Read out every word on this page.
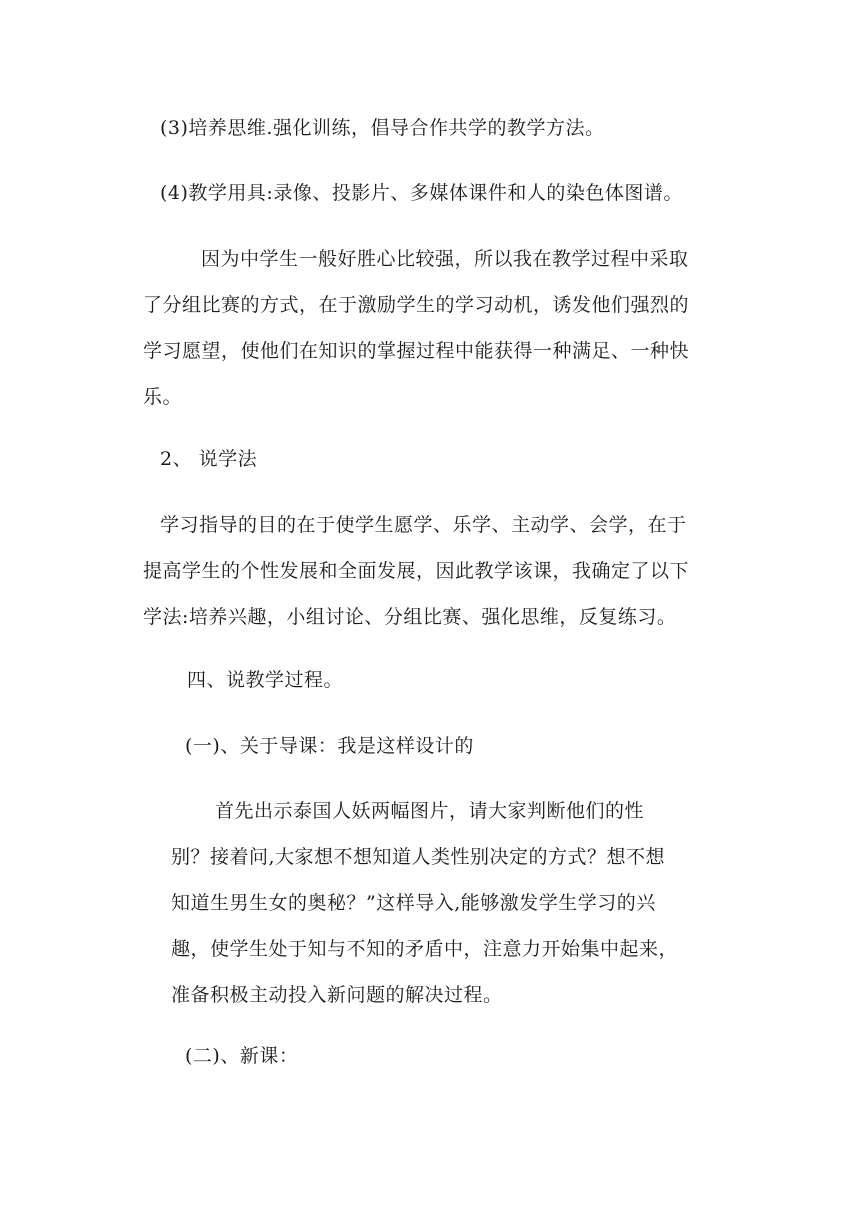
(3)培养思维.强化训练，倡导合作共学的教学方法。
(4)教学用具:录像、投影片、多媒体课件和人的染色体图谱。

因为中学生一般好胜心比较强，所以我在教学过程中采取

了分组比赛的方式，在于激励学生的学习动机，诱发他们强烈的

学习愿望，使他们在知识的掌握过程中能获得一种满足、一种快

乐。

2、 说学法

学习指导的目的在于使学生愿学、乐学、主动学、会学，在于

提高学生的个性发展和全面发展，因此教学该课，我确定了以下

学法:培养兴趣，小组讨论、分组比赛、强化思维，反复练习。

四、说教学过程。
(一)、关于导课：我是这样设计的

首先出示泰国人妖两幅图片，请大家判断他们的性

别？接着问,大家想不想知道人类性别决定的方式？想不想

知道生男生女的奥秘？”这样导入,能够激发学生学习的兴

趣，使学生处于知与不知的矛盾中，注意力开始集中起来，

准备积极主动投入新问题的解决过程。

(二)、新课：
